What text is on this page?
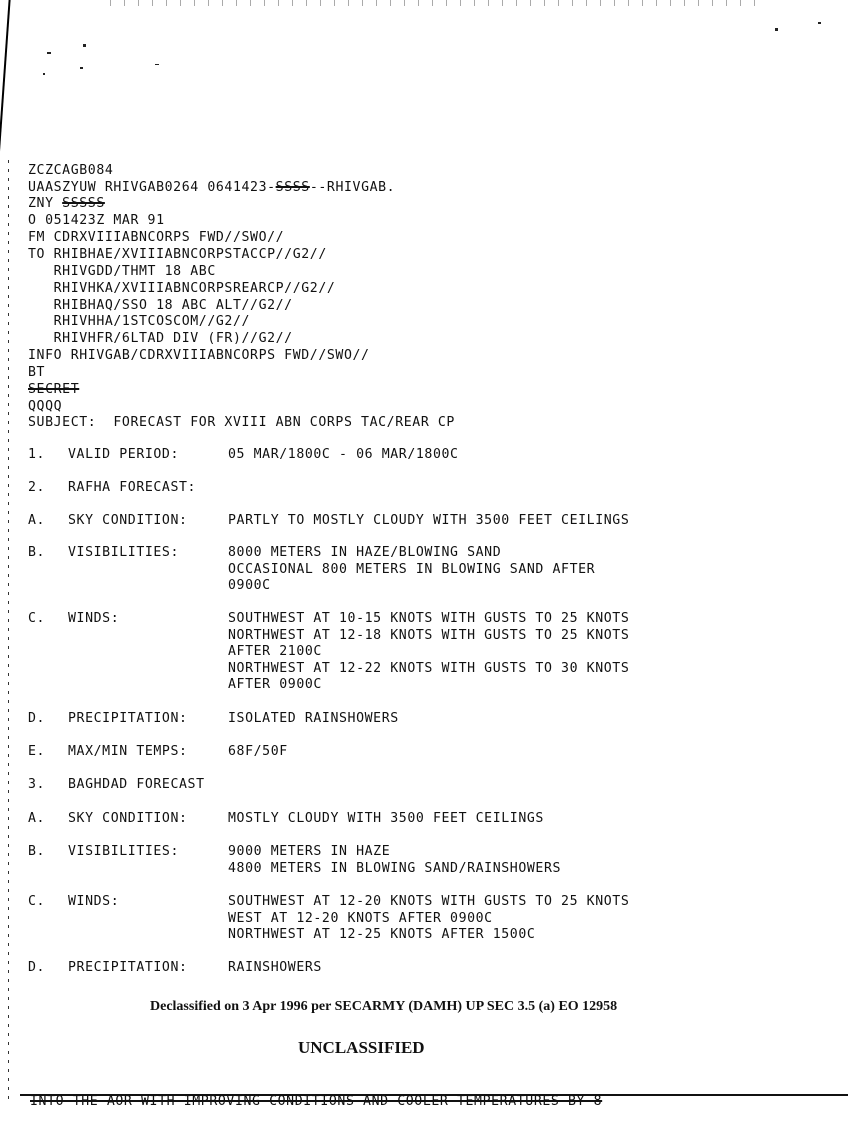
ZCZCAGB084
UAASZYUW RHIVGAB0264 0641423-SSSS--RHIVGAB.
ZNY SSSSS
O 051423Z MAR 91
FM CDRXVIIIABNCORPS FWD//SWO//
TO RHIBHAE/XVIIIABNCORPSTACCP//G2//
RHIVGDD/THMT 18 ABC
RHIVHKA/XVIIIABNCORPSREARCP//G2//
RHIBHAQ/SSO 18 ABC ALT//G2//
RHIVHHA/1STCOSCOM//G2//
RHIVHFR/6LTAD DIV (FR)//G2//
INFO RHIVGAB/CDRXVIIIABNCORPS FWD//SWO//
BT
SECRET
QQQQ
SUBJECT:  FORECAST FOR XVIII ABN CORPS TAC/REAR CP
1. VALID PERIOD:	05 MAR/1800C - 06 MAR/1800C
2. RAFHA FORECAST:
A. SKY CONDITION:	PARTLY TO MOSTLY CLOUDY WITH 3500 FEET CEILINGS
B. VISIBILITIES:	8000 METERS IN HAZE/BLOWING SAND
OCCASIONAL 800 METERS IN BLOWING SAND AFTER
0900C
C. WINDS:	SOUTHWEST AT 10-15 KNOTS WITH GUSTS TO 25 KNOTS
NORTHWEST AT 12-18 KNOTS WITH GUSTS TO 25 KNOTS
AFTER 2100C
NORTHWEST AT 12-22 KNOTS WITH GUSTS TO 30 KNOTS
AFTER 0900C
D. PRECIPITATION:	ISOLATED RAINSHOWERS
E. MAX/MIN TEMPS:	68F/50F
3. BAGHDAD FORECAST
A. SKY CONDITION:	MOSTLY CLOUDY WITH 3500 FEET CEILINGS
B. VISIBILITIES:	9000 METERS IN HAZE
4800 METERS IN BLOWING SAND/RAINSHOWERS
C. WINDS:	SOUTHWEST AT 12-20 KNOTS WITH GUSTS TO 25 KNOTS
WEST AT 12-20 KNOTS AFTER 0900C
NORTHWEST AT 12-25 KNOTS AFTER 1500C
D. PRECIPITATION:	RAINSHOWERS
Declassified on 3 Apr 1996 per SECARMY (DAMH) UP SEC 3.5 (a) EO 12958
UNCLASSIFIED
INTO THE AOR WITH IMPROVING CONDITIONS AND COOLER TEMPERATURES BY 8
